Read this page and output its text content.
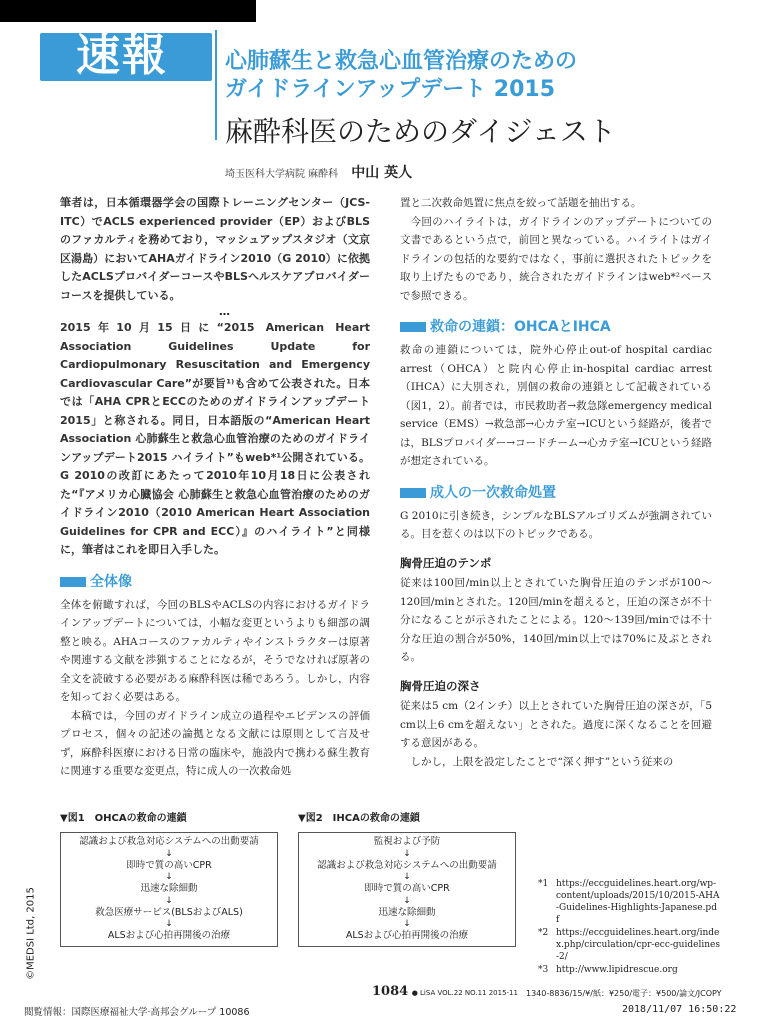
速報	心肺蘇生と救急心血管治療のための
ガイドラインアップデート 2015
麻酔科医のためのダイジェスト
埼玉医科大学病院 麻酔科 中山 英人

筆者は，日本循環器学会の国際トレーニングセンター（JCS-ITC）でACLS experienced provider（EP）およびBLSのファカルティを務めており，マッシュアップスタジオ（文京区湯島）においてAHAガイドライン2010（G 2010）に依拠したACLSプロバイダーコースやBLSヘルスケアプロバイダーコースを提供している。

…

2015年10月15日に“2015 American Heart Association Guidelines Update for Cardiopulmonary Resuscitation and Emergency Cardiovascular Care”が要旨¹⁾も含めて公表された。日本では「AHA CPRとECCのためのガイドラインアップデート2015」と称される。同日，日本語版の“American Heart Association 心肺蘇生と救急心血管治療のためのガイドラインアップデート2015 ハイライト”もweb*¹公開されている。G 2010の改訂にあたって2010年10月18日に公表された“『アメリカ心臓協会 心肺蘇生と救急心血管治療のためのガイドライン2010（2010 American Heart Association Guidelines for CPR and ECC）』のハイライト”と同様に，筆者はこれを即日入手した。

全体像

全体を俯瞰すれば，今回のBLSやACLSの内容におけるガイドラインアップデートについては，小幅な変更というよりも細部の調整と映る。AHAコースのファカルティやインストラクターは原著や関連する文献を渉猟することになるが，そうでなければ原著の全文を読破する必要がある麻酔科医は稀であろう。しかし，内容を知っておく必要はある。

本稿では，今回のガイドライン成立の過程やエビデンスの評価プロセス，個々の記述の論拠となる文献には原則として言及せず，麻酔科医療における日常の臨床や，施設内で携わる蘇生教育に関連する重要な変更点，特に成人の一次救命処

置と二次救命処置に焦点を絞って話題を抽出する。

今回のハイライトは，ガイドラインのアップデートについての文書であるという点で，前回と異なっている。ハイライトはガイドラインの包括的な要約ではなく，事前に選択されたトピックを取り上げたものであり，統合されたガイドラインはweb*²ベースで参照できる。

救命の連鎖：OHCAとIHCA

救命の連鎖については，院外心停止out-of hospital cardiac arrest（OHCA）と院内心停止in-hospital cardiac arrest（IHCA）に大別され，別個の救命の連鎖として記載されている（図1，2）。前者では，市民救助者→救急隊emergency medical service（EMS）→救急部→心カテ室→ICUという経路が，後者では，BLSプロバイダー→コードチーム→心カテ室→ICUという経路が想定されている。

成人の一次救命処置

G 2010に引き続き，シンプルなBLSアルゴリズムが強調されている。目を惹くのは以下のトピックである。

胸骨圧迫のテンポ

従来は100回/min以上とされていた胸骨圧迫のテンポが100〜120回/minとされた。120回/minを超えると，圧迫の深さが不十分になることが示されたことによる。120〜139回/minでは不十分な圧迫の割合が50%，140回/min以上では70%に及ぶとされる。

胸骨圧迫の深さ

従来は5 cm（2インチ）以上とされていた胸骨圧迫の深さが，「5 cm以上6 cmを超えない」とされた。過度に深くなることを回避する意図がある。

しかし，上限を設定したことで“深く押す”という従来の

▼図1　OHCAの救命の連鎖
認識および救急対応システムへの出動要請
↓
即時で質の高いCPR
↓
迅速な除細動
↓
救急医療サービス(BLSおよびALS)
↓
ALSおよび心拍再開後の治療
▼図2　IHCAの救命の連鎖
監視および予防
↓
認識および救急対応システムへの出動要請
↓
即時で質の高いCPR
↓
迅速な除細動
↓
ALSおよび心拍再開後の治療
*1 https://eccguidelines.heart.org/wp-content/uploads/2015/10/2015-AHA-Guidelines-Highlights-Japanese.pdf
*2 https://eccguidelines.heart.org/index.php/circulation/cpr-ecc-guidelines-2/
*3 http://www.lipidrescue.org
©MEDSI Ltd, 2015
1084 ● LiSA VOL.22 NO.11 2015-11 1340-8836/15/¥/紙：¥250/電子：¥500/論文/JCOPY
閲覧情報：国際医療福祉大学·高邦会グループ 10086	2018/11/07 16:50:22
